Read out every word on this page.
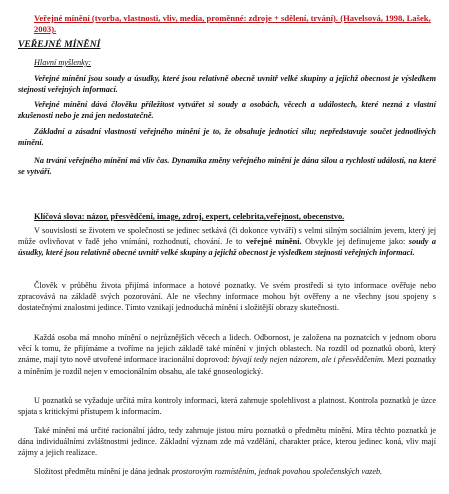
Veřejné mínění (tvorba, vlastnosti, vliv, media, proměnné: zdroje + sdělení, trvání). (Havelsová, 1998, Lašek, 2003).
VEŘEJNÉ MÍNĚNÍ
Hlavní myšlenky:

Veřejné mínění jsou soudy a úsudky, které jsou relativně obecně uvnitř velké skupiny a jejichž obecnost je výsledkem stejnosti veřejných informací.

Veřejné mínění dává člověku příležitost vytvářet si soudy a osobách, věcech a událostech, které nezná z vlastní zkušenosti nebo je zná jen nedostatečně.

Základní a zásadní vlastností veřejného mínění je to, že obsahuje jednotící sílu; nepředstavuje součet jednotlivých mínění.

Na trvání veřejného mínění má vliv čas. Dynamika změny veřejného mínění je dána silou a rychlostí událostí, na které se vytváří.

Klíčová slova: názor, přesvědčení, image, zdroj, expert, celebrita,veřejnost, obecenstvo.

V souvislosti se životem ve společnosti se jedinec setkává (či dokonce vytváří) s velmi silným sociálním jevem, který jej může ovlivňovat v řadě jeho vnímání, rozhodnutí, chování. Je to veřejné mínění. Obvykle jej definujeme jako: soudy a úsudky, které jsou relativně obecné uvnitř velké skupiny a jejichž obecnost je výsledkem stejnosti veřejných informací.

Člověk v průběhu života přijímá informace a hotové poznatky. Ve svém prostředí si tyto informace ověřuje nebo zpracovává na základě svých pozorování. Ale ne všechny informace mohou být ověřeny a ne všechny jsou spojeny s dostatečnými znalostmi jedince. Tímto vznikají jednoduchá mínění i složitější obrazy skutečnosti.

Každá osoba má mnoho mínění o nejrůznějších věcech a lidech. Odbornost, je založena na poznatcích v jednom oboru věcí k tomu, že přijímáme a tvoříme na jejich základě také mínění v jiných oblastech. Na rozdíl od poznatků oborů, který známe, mají tyto nově utvořené informace iracionální doprovod: bývají tedy nejen názorem, ale i přesvědčením. Mezi poznatky a míněním je rozdíl nejen v emocionálním obsahu, ale také gnoseologický.

U poznatků se vyžaduje určitá míra kontroly informací, která zahrnuje spolehlivost a platnost. Kontrola poznatků je úzce spjata s kritickými přístupem k informacím.

Také mínění má určité racionální jádro, tedy zahrnuje jistou míru poznatků o předmětu mínění. Míra těchto poznatků je dána individuálními zvláštnostmi jedince. Základní význam zde má vzdělání, charakter práce, kterou jedinec koná, vliv mají zájmy a jejich realizace.

Složitost předmětu mínění je dána jednak prostorovým rozmístěním, jednak povahou společenských vazeb.
